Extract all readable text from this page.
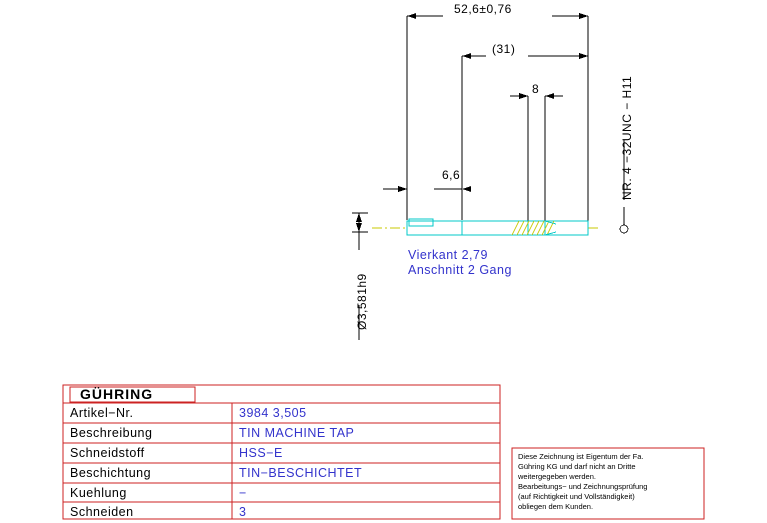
52,6±0,76
(31)
8
6,6
Ø3,581h9
NR. 4 −32UNC − H11
Vierkant 2,79
Anschnitt 2 Gang
GÜHRING
Artikel−Nr.	3984 3,505
Beschreibung	TIN MACHINE TAP
Schneidstoff	HSS−E
Beschichtung	TIN−BESCHICHTET
Kuehlung	−
Schneiden	3
Diese Zeichnung ist Eigentum der Fa.
Gühring KG und darf nicht an Dritte
weitergegeben werden.
Bearbeitungs− und Zeichnungsprüfung
(auf Richtigkeit und Vollständigkeit)
obliegen dem Kunden.
